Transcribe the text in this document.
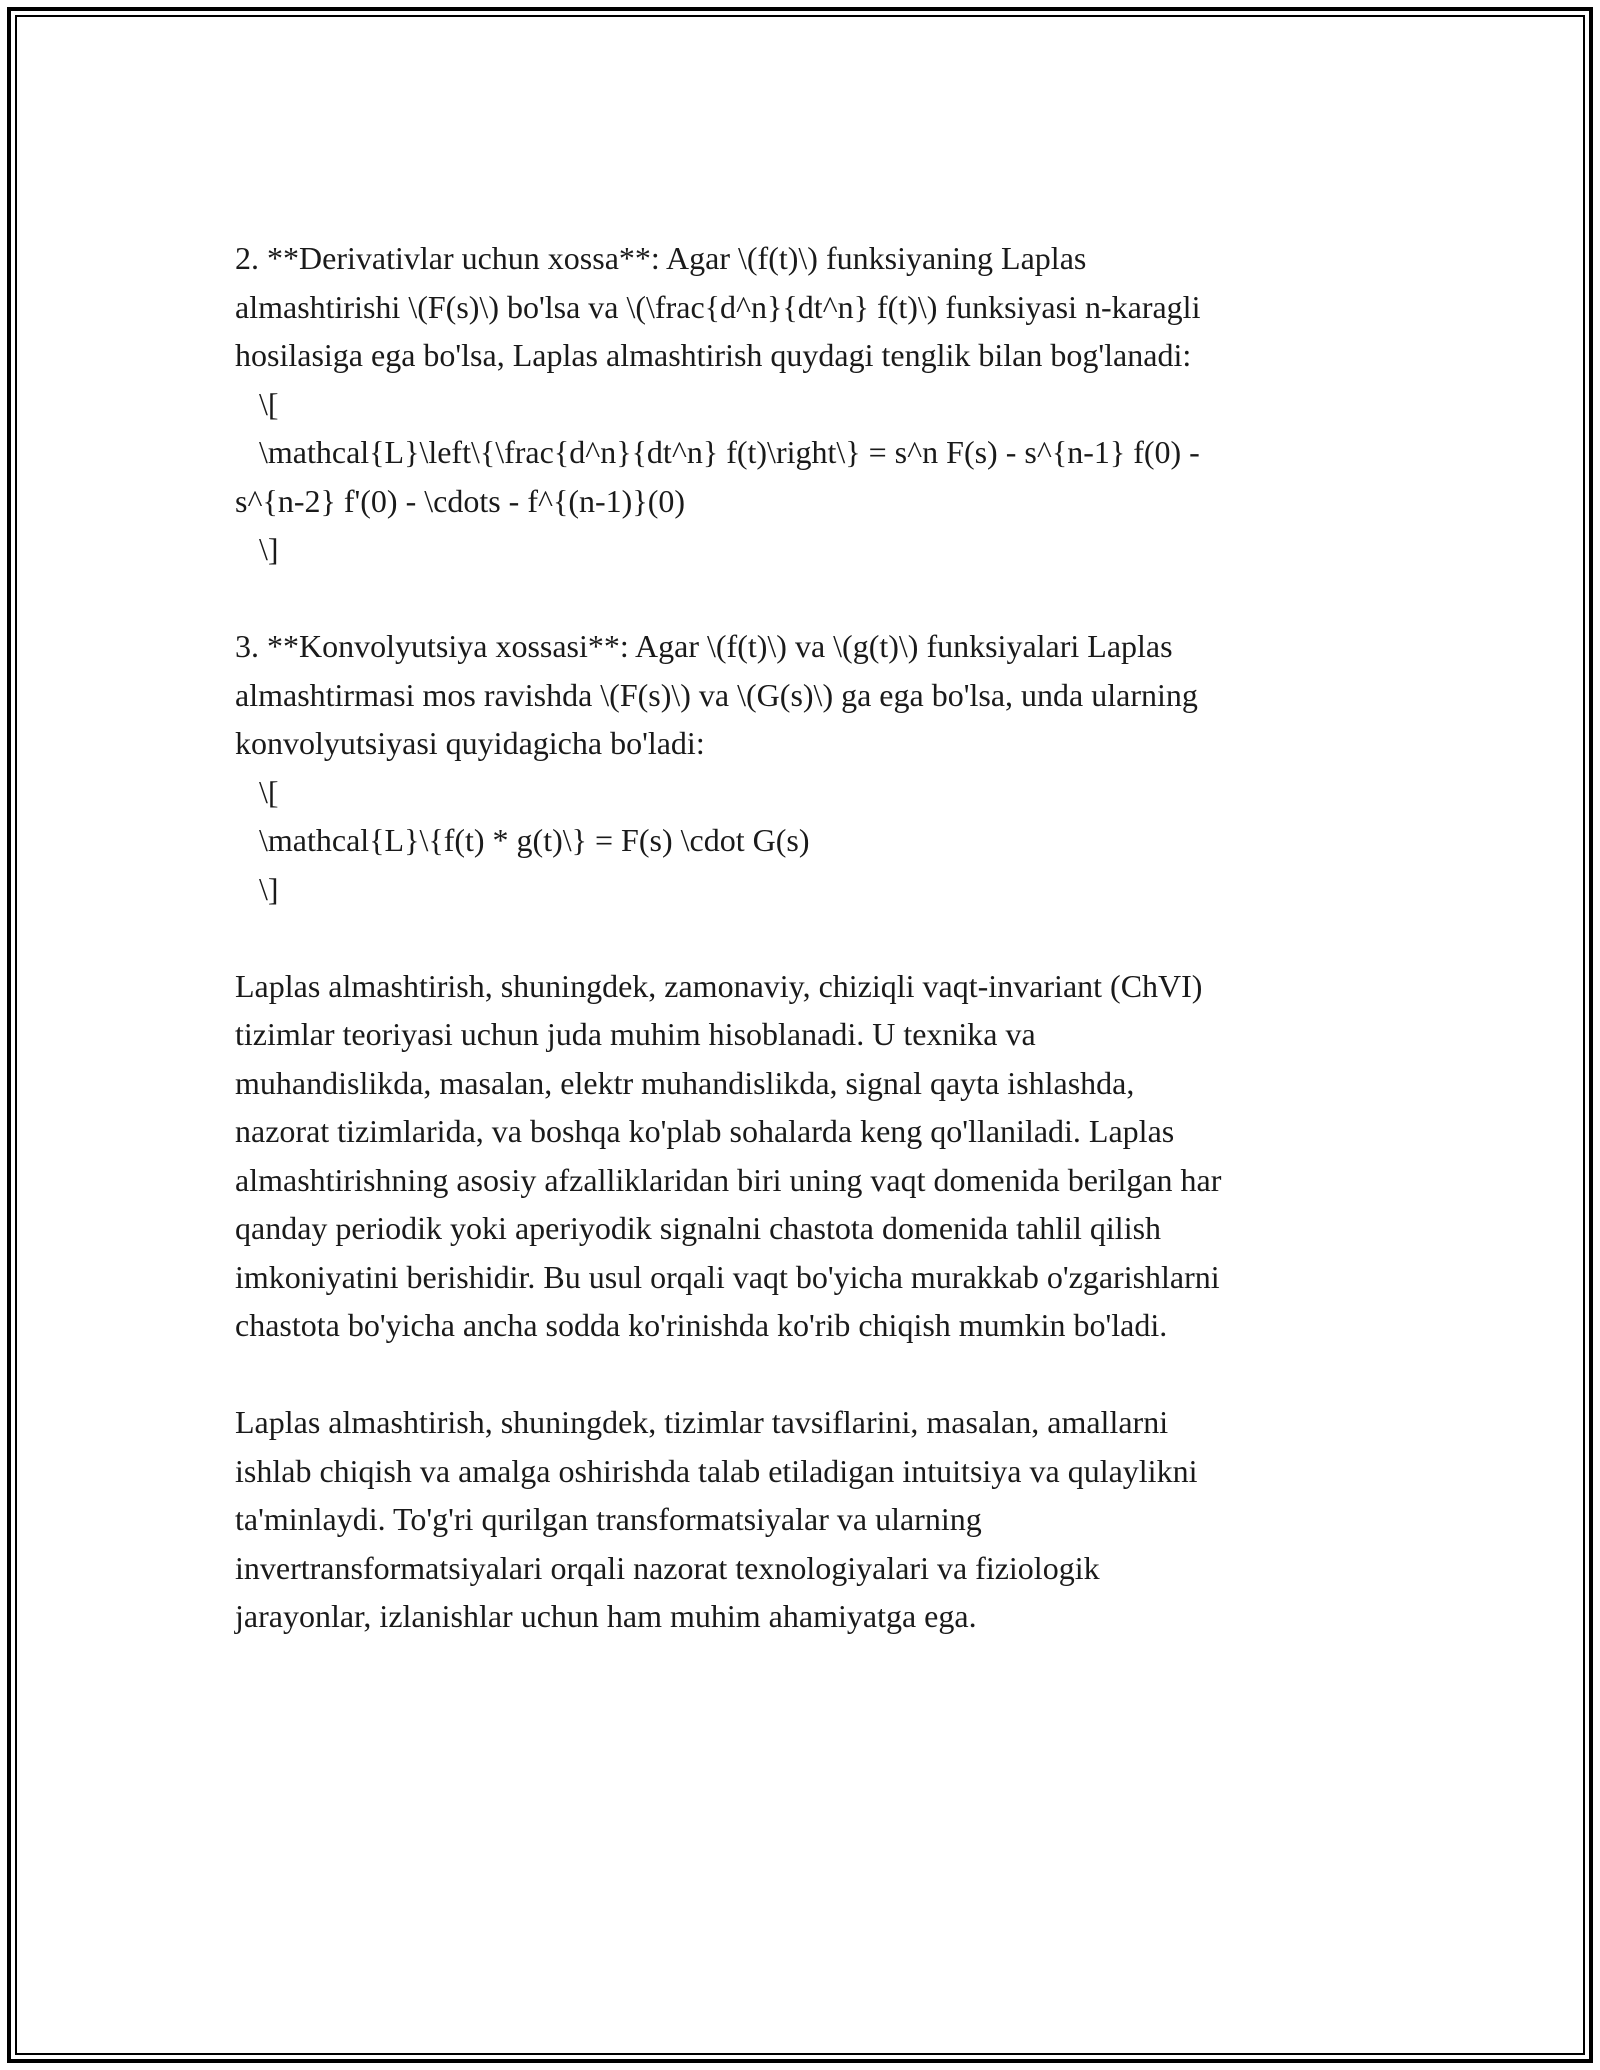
2. **Derivativlar uchun xossa**: Agar \(f(t)\) funksiyaning Laplas
almashtirishi \(F(s)\) bo'lsa va \(\frac{d^n}{dt^n} f(t)\) funksiyasi n-karagli
hosilasiga ega bo'lsa, Laplas almashtirish quydagi tenglik bilan bog'lanadi:
\[
\mathcal{L}\left\{\frac{d^n}{dt^n} f(t)\right\} = s^n F(s) - s^{n-1} f(0) -
s^{n-2} f'(0) - \cdots - f^{(n-1)}(0)
\]
3. **Konvolyutsiya xossasi**: Agar \(f(t)\) va \(g(t)\) funksiyalari Laplas
almashtirmasi mos ravishda \(F(s)\) va \(G(s)\) ga ega bo'lsa, unda ularning
konvolyutsiyasi quyidagicha bo'ladi:
\[
\mathcal{L}\{f(t) * g(t)\} = F(s) \cdot G(s)
\]
Laplas almashtirish, shuningdek, zamonaviy, chiziqli vaqt-invariant (ChVI)
tizimlar teoriyasi uchun juda muhim hisoblanadi. U texnika va
muhandislikda, masalan, elektr muhandislikda, signal qayta ishlashda,
nazorat tizimlarida, va boshqa ko'plab sohalarda keng qo'llaniladi. Laplas
almashtirishning asosiy afzalliklaridan biri uning vaqt domenida berilgan har
qanday periodik yoki aperiyodik signalni chastota domenida tahlil qilish
imkoniyatini berishidir. Bu usul orqali vaqt bo'yicha murakkab o'zgarishlarni
chastota bo'yicha ancha sodda ko'rinishda ko'rib chiqish mumkin bo'ladi.
Laplas almashtirish, shuningdek, tizimlar tavsiflarini, masalan, amallarni
ishlab chiqish va amalga oshirishda talab etiladigan intuitsiya va qulaylikni
ta'minlaydi. To'g'ri qurilgan transformatsiyalar va ularning
invertransformatsiyalari orqali nazorat texnologiyalari va fiziologik
jarayonlar, izlanishlar uchun ham muhim ahamiyatga ega.
